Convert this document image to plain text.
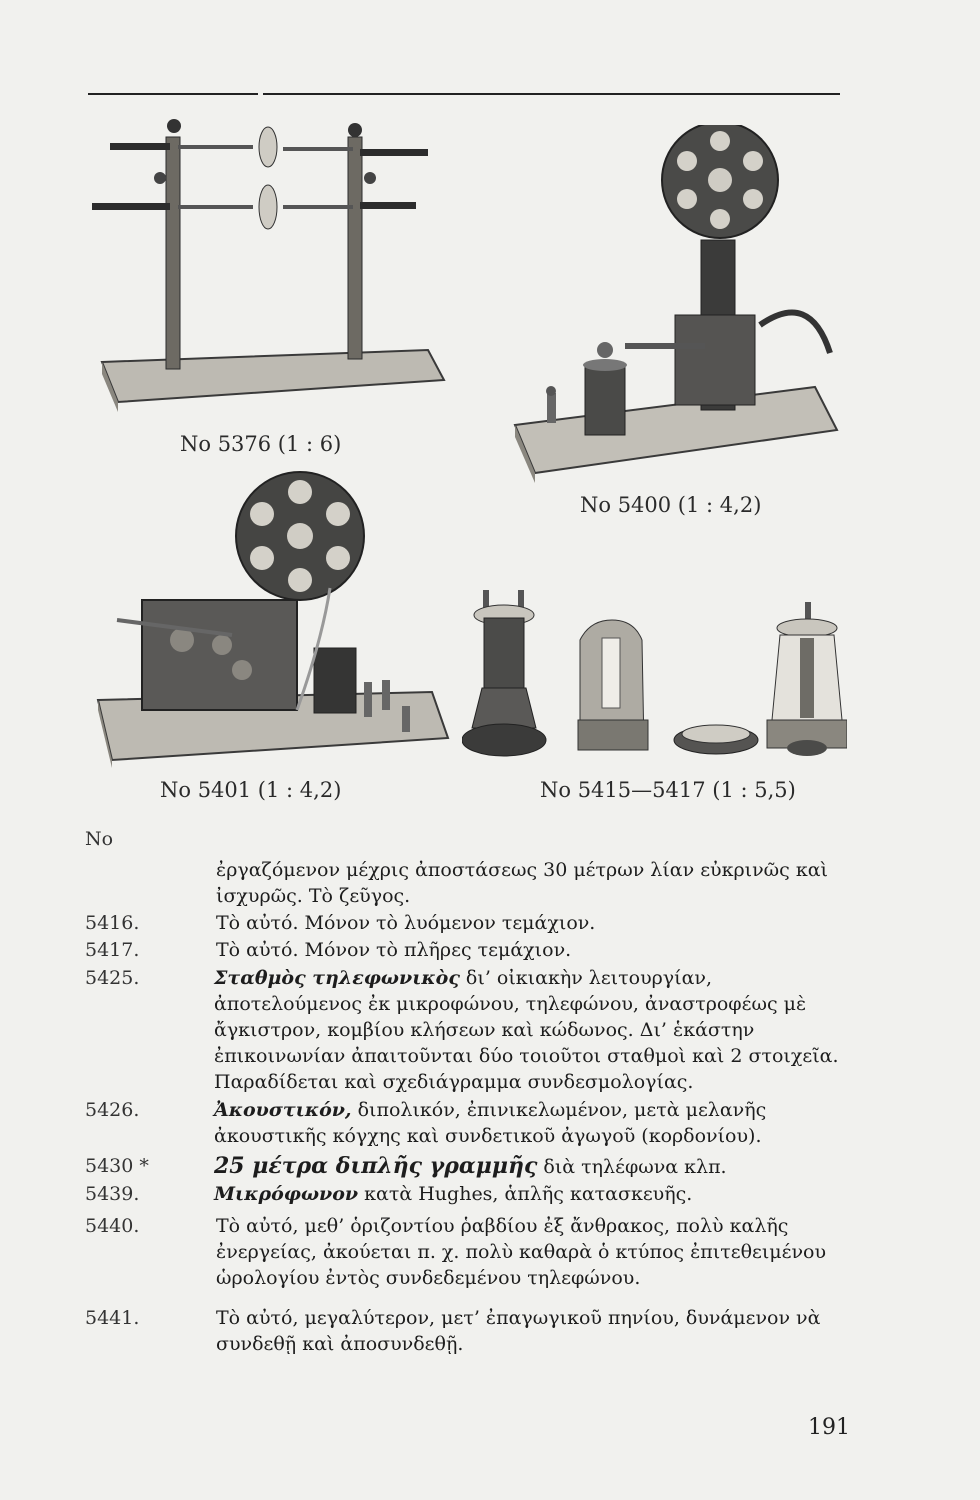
No 5376 (1 : 6)
No 5400 (1 : 4,2)
No 5401 (1 : 4,2)	No 5415—5417 (1 : 5,5)
No
ἐργαζόμενον μέχρις ἀποστάσεως 30 μέτρων λίαν εὐκρινῶς καὶ ἰσχυρῶς. Τὸ ζεῦγος.
5416.	Τὸ αὐτό. Μόνον τὸ λυόμενον τεμάχιον.
5417.	Τὸ αὐτό. Μόνον τὸ πλῆρες τεμάχιον.
5425.	Σταθμὸς τηλεφωνικὸς δι’ οἰκιακὴν λειτουργίαν, ἀποτελούμενος ἐκ μικροφώνου, τηλεφώνου, ἀναστροφέως μὲ ἄγκιστρον, κομβίου κλήσεων καὶ κώδωνος. Δι’ ἑκάστην ἐπικοινωνίαν ἀπαιτοῦνται δύο τοιοῦτοι σταθμοὶ καὶ 2 στοιχεῖα. Παραδίδεται καὶ σχεδιάγραμμα συνδεσμολογίας.
5426.	Ἀκουστικόν, διπολικόν, ἐπινικελωμένον, μετὰ μελανῆς ἀκουστικῆς κόγχης καὶ συνδετικοῦ ἀγωγοῦ (κορδονίου).
5430 *	25 μέτρα διπλῆς γραμμῆς διὰ τηλέφωνα κλπ.
5439.	Μικρόφωνον κατὰ Hughes, ἁπλῆς κατασκευῆς.
5440.	Τὸ αὐτό, μεθ’ ὁριζοντίου ῥαβδίου ἐξ ἄνθρακος, πολὺ καλῆς ἐνεργείας, ἀκούεται π. χ. πολὺ καθαρὰ ὁ κτύπος ἐπιτεθειμένου ὡρολογίου ἐντὸς συνδεδεμένου τηλεφώνου.
5441.	Τὸ αὐτό, μεγαλύτερον, μετ’ ἐπαγωγικοῦ πηνίου, δυνάμενον νὰ συνδεθῇ καὶ ἀποσυνδεθῇ.
191
